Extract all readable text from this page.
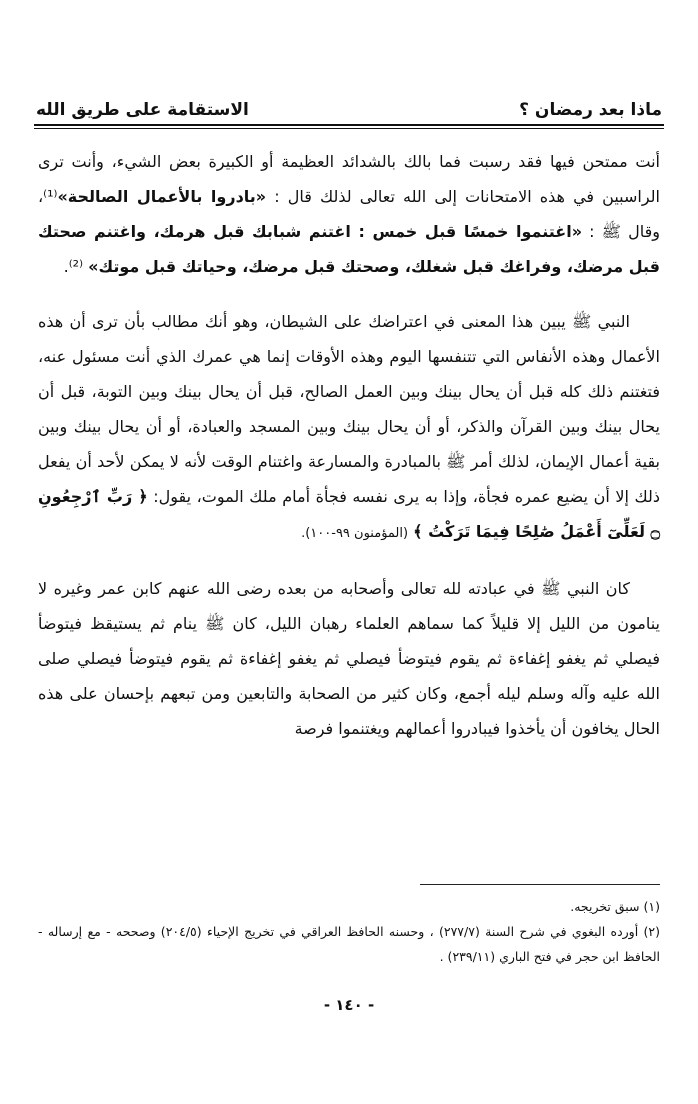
ماذا بعد رمضان ؟
الاستقامة على طريق الله

أنت ممتحن فيها فقد رسبت فما بالك بالشدائد العظيمة أو الكبيرة بعض الشيء، وأنت ترى الراسبين في هذه الامتحانات إلى الله تعالى لذلك قال : «بادروا بالأعمال الصالحة»⁽¹⁾، وقال ﷺ : «اغتنموا خمسًا قبل خمس : اغتنم شبابك قبل هرمك، واغتنم صحتك قبل مرضك، وفراغك قبل شغلك، وصحتك قبل مرضك، وحياتك قبل موتك» ⁽²⁾.

النبي ﷺ يبين هذا المعنى في اعتراضك على الشيطان، وهو أنك مطالب بأن ترى أن هذه الأعمال وهذه الأنفاس التي تتنفسها اليوم وهذه الأوقات إنما هي عمرك الذي أنت مسئول عنه، فتغتنم ذلك كله قبل أن يحال بينك وبين العمل الصالح، قبل أن يحال بينك وبين التوبة، قبل أن يحال بينك وبين القرآن والذكر، أو أن يحال بينك وبين المسجد والعبادة، أو أن يحال بينك وبين بقية أعمال الإيمان، لذلك أمر ﷺ بالمبادرة والمسارعة واغتنام الوقت لأنه لا يمكن لأحد أن يفعل ذلك إلا أن يضيع عمره فجأة، وإذا به يرى نفسه فجأة أمام ملك الموت، يقول: ﴿ رَبِّ ٱرْجِعُونِ ۝ لَعَلِّىٓ أَعْمَلُ صَٰلِحًا فِيمَا تَرَكْتُ ﴾ (المؤمنون ٩٩-١٠٠).

كان النبي ﷺ في عبادته لله تعالى وأصحابه من بعده رضى الله عنهم كابن عمر وغيره لا ينامون من الليل إلا قليلاً كما سماهم العلماء رهبان الليل، كان ﷺ ينام ثم يستيقظ فيتوضأ فيصلي ثم يغفو إغفاءة ثم يقوم فيتوضأ فيصلي ثم يغفو إغفاءة ثم يقوم فيتوضأ فيصلي صلى الله عليه وآله وسلم ليله أجمع، وكان كثير من الصحابة والتابعين ومن تبعهم بإحسان على هذه الحال يخافون أن يأخذوا فيبادروا أعمالهم ويغتنموا فرصة

(١) سبق تخريجه.

(٢) أورده البغوي في شرح السنة (٢٧٧/٧) ، وحسنه الحافظ العراقي في تخريج الإحياء (٢٠٤/٥) وصححه - مع إرساله - الحافظ ابن حجر في فتح الباري (٢٣٩/١١) .

- ١٤٠ -
